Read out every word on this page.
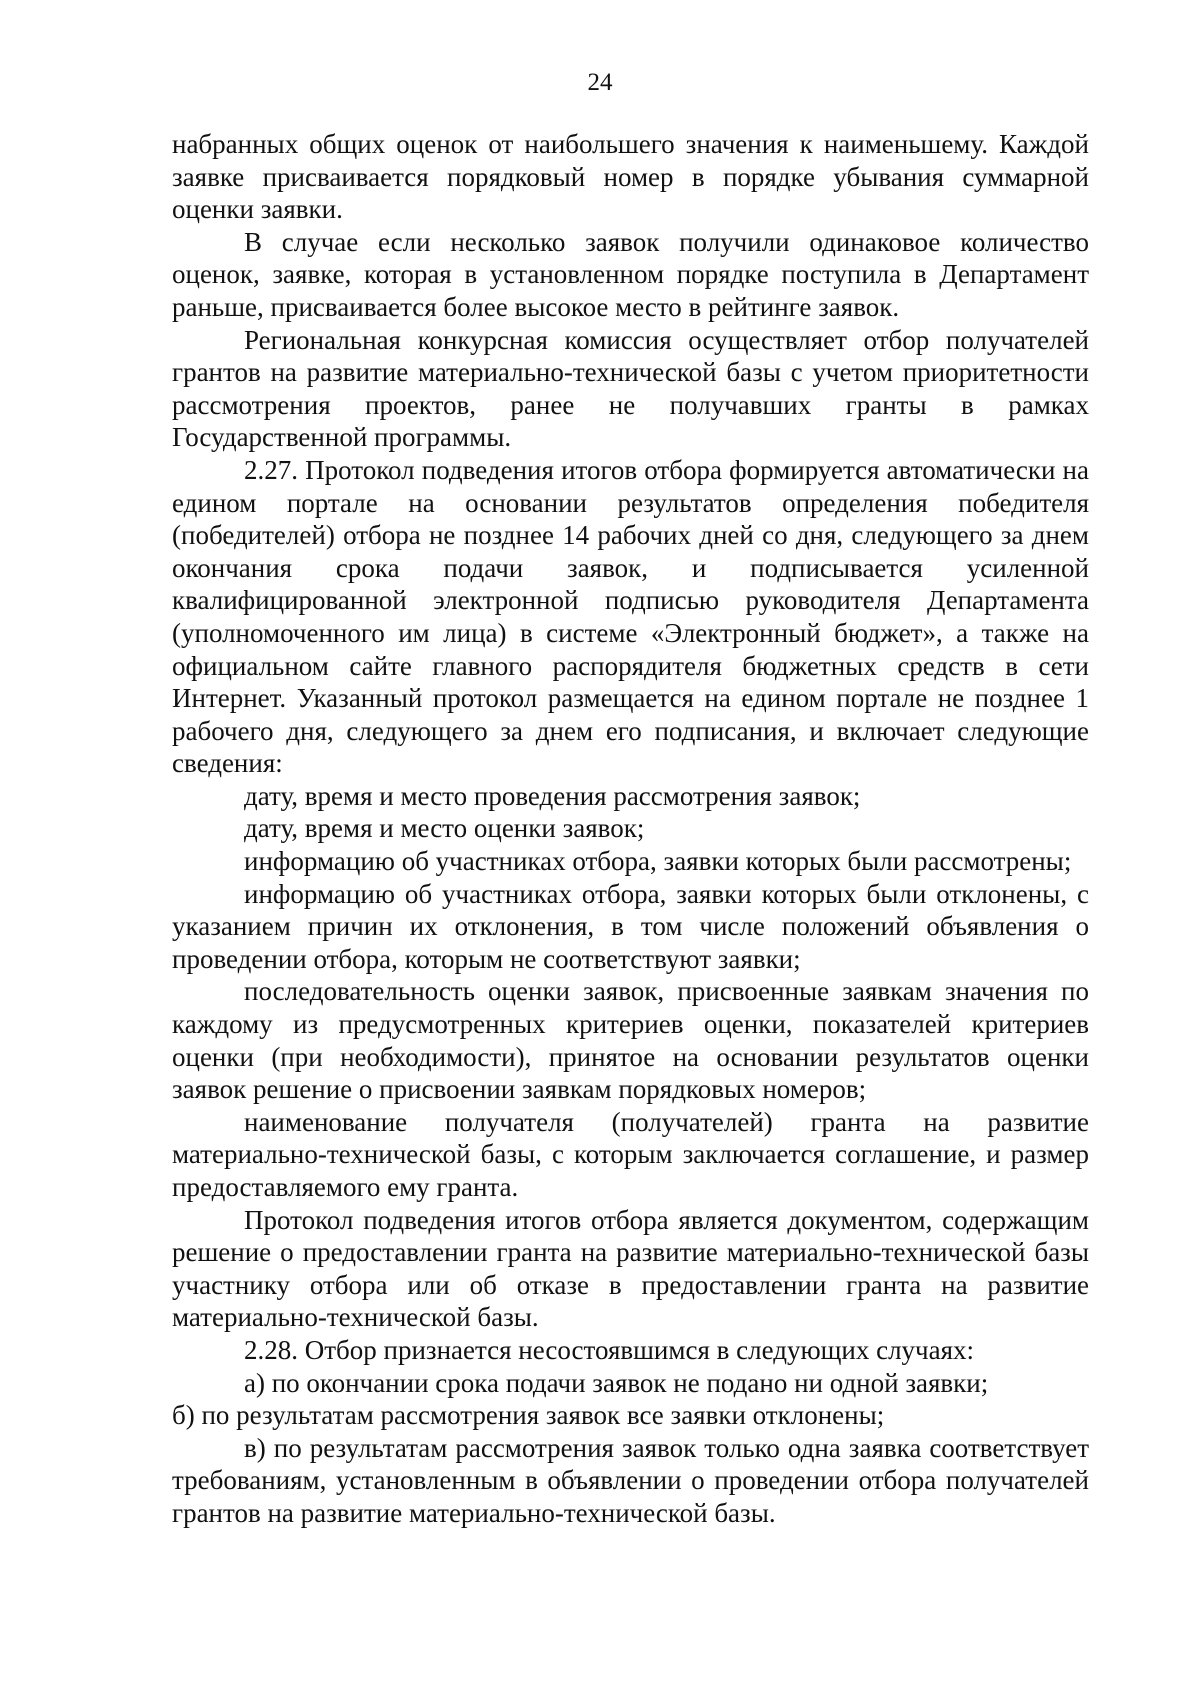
24

набранных общих оценок от наибольшего значения к наименьшему. Каждой заявке присваивается порядковый номер в порядке убывания суммарной оценки заявки.

В случае если несколько заявок получили одинаковое количество оценок, заявке, которая в установленном порядке поступила в Департамент раньше, присваивается более высокое место в рейтинге заявок.

Региональная конкурсная комиссия осуществляет отбор получателей грантов на развитие материально-технической базы с учетом приоритетности рассмотрения проектов, ранее не получавших гранты в рамках Государственной программы.

2.27. Протокол подведения итогов отбора формируется автоматически на едином портале на основании результатов определения победителя (победителей) отбора не позднее 14 рабочих дней со дня, следующего за днем окончания срока подачи заявок, и подписывается усиленной квалифицированной электронной подписью руководителя Департамента (уполномоченного им лица) в системе «Электронный бюджет», а также на официальном сайте главного распорядителя бюджетных средств в сети Интернет. Указанный протокол размещается на едином портале не позднее 1 рабочего дня, следующего за днем его подписания, и включает следующие сведения:

дату, время и место проведения рассмотрения заявок;

дату, время и место оценки заявок;

информацию об участниках отбора, заявки которых были рассмотрены;

информацию об участниках отбора, заявки которых были отклонены, с указанием причин их отклонения, в том числе положений объявления о проведении отбора, которым не соответствуют заявки;

последовательность оценки заявок, присвоенные заявкам значения по каждому из предусмотренных критериев оценки, показателей критериев оценки (при необходимости), принятое на основании результатов оценки заявок решение о присвоении заявкам порядковых номеров;

наименование получателя (получателей) гранта на развитие материально-технической базы, с которым заключается соглашение, и размер предоставляемого ему гранта.

Протокол подведения итогов отбора является документом, содержащим решение о предоставлении гранта на развитие материально-технической базы участнику отбора или об отказе в предоставлении гранта на развитие материально-технической базы.

2.28. Отбор признается несостоявшимся в следующих случаях:

а) по окончании срока подачи заявок не подано ни одной заявки;

б) по результатам рассмотрения заявок все заявки отклонены;

в) по результатам рассмотрения заявок только одна заявка соответствует требованиям, установленным в объявлении о проведении отбора получателей грантов на развитие материально-технической базы.
